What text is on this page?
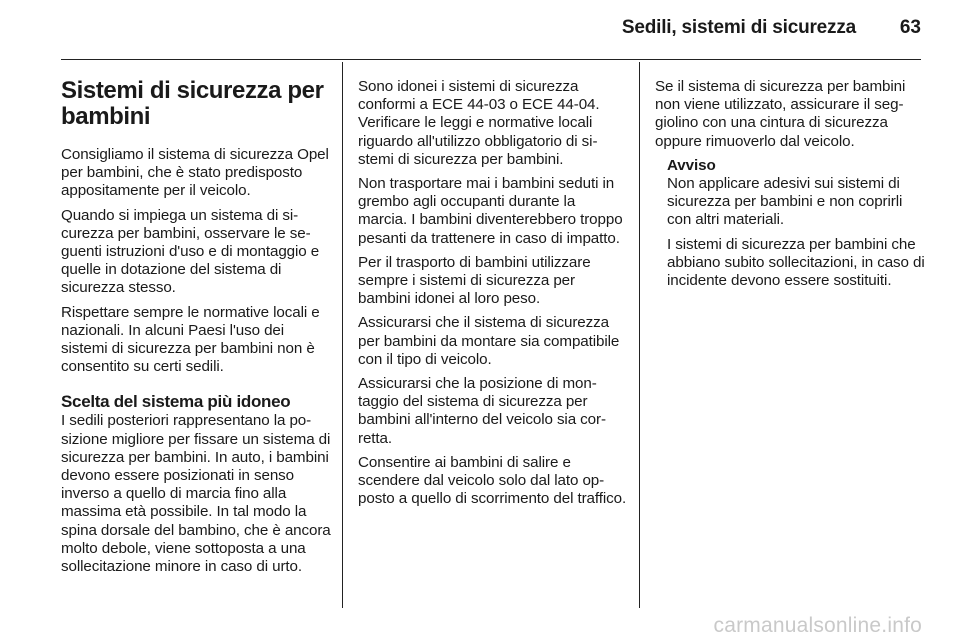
Sedili, sistemi di sicurezza 63
Sistemi di sicurezza per bambini

Consigliamo il sistema di sicurezza Opel per bambini, che è stato predisposto appositamente per il veicolo.

Quando si impiega un sistema di sicurezza per bambini, osservare le seguenti istruzioni d'uso e di montaggio e quelle in dotazione del sistema di sicurezza stesso.

Rispettare sempre le normative locali e nazionali. In alcuni Paesi l'uso dei sistemi di sicurezza per bambini non è consentito su certi sedili.

Scelta del sistema più idoneo

I sedili posteriori rappresentano la posizione migliore per fissare un sistema di sicurezza per bambini. In auto, i bambini devono essere posizionati in senso inverso a quello di marcia fino alla massima età possibile. In tal modo la spina dorsale del bambino, che è ancora molto debole, viene sottoposta a una sollecitazione minore in caso di urto.

Sono idonei i sistemi di sicurezza conformi a ECE 44-03 o ECE 44-04. Verificare le leggi e normative locali riguardo all'utilizzo obbligatorio di sistemi di sicurezza per bambini.

Non trasportare mai i bambini seduti in grembo agli occupanti durante la marcia. I bambini diventerebbero troppo pesanti da trattenere in caso di impatto.

Per il trasporto di bambini utilizzare sempre i sistemi di sicurezza per bambini idonei al loro peso.

Assicurarsi che il sistema di sicurezza per bambini da montare sia compatibile con il tipo di veicolo.

Assicurarsi che la posizione di montaggio del sistema di sicurezza per bambini all'interno del veicolo sia corretta.

Consentire ai bambini di salire e scendere dal veicolo solo dal lato opposto a quello di scorrimento del traffico.

Se il sistema di sicurezza per bambini non viene utilizzato, assicurare il seggiolino con una cintura di sicurezza oppure rimuoverlo dal veicolo.

Avviso

Non applicare adesivi sui sistemi di sicurezza per bambini e non coprirli con altri materiali.

I sistemi di sicurezza per bambini che abbiano subito sollecitazioni, in caso di incidente devono essere sostituiti.

carmanualsonline.info
